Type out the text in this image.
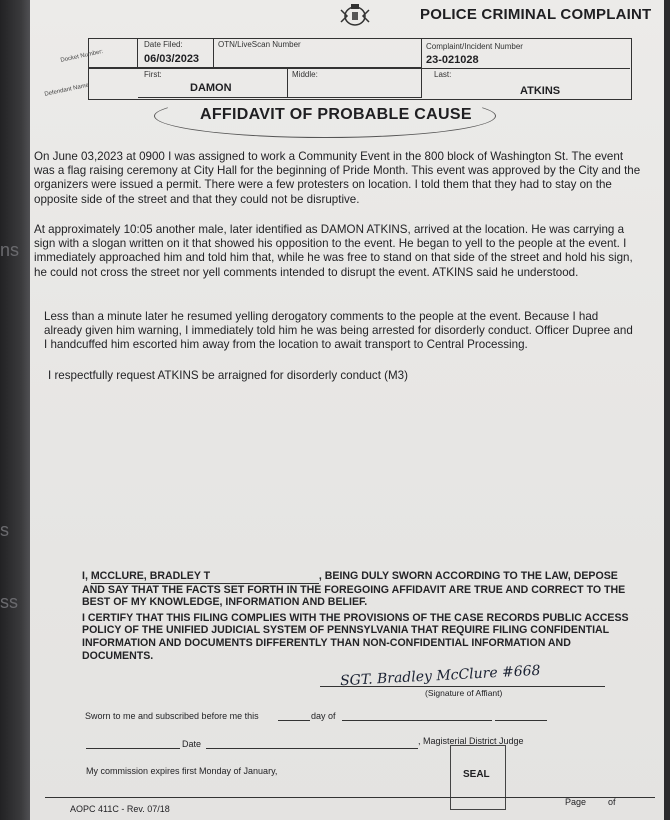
ns
s
ss
POLICE CRIMINAL COMPLAINT
Docket Number:
Date Filed:
06/03/2023
OTN/LiveScan Number	Complaint/Incident Number
23-021028
Defendant Name
First:
DAMON
Middle:	Last:
ATKINS
AFFIDAVIT OF PROBABLE CAUSE

On June 03,2023 at 0900 I was assigned to work a Community Event in the 800 block of Washington St. The event was a flag raising ceremony at City Hall for the beginning of Pride Month. This event was approved by the City and the organizers were issued a permit. There were a few protesters on location. I told them that they had to stay on the opposite side of the street and that they could not be disruptive.

At approximately 10:05 another male, later identified as DAMON ATKINS, arrived at the location. He was carrying a sign with a slogan written on it that showed his opposition to the event. He began to yell to the people at the event. I immediately approached him and told him that, while he was free to stand on that side of the street and hold his sign, he could not cross the street nor yell comments intended to disrupt the event. ATKINS said he understood.

Less than a minute later he resumed yelling derogatory comments to the people at the event. Because I had already given him warning, I immediately told him he was being arrested for disorderly conduct. Officer Dupree and I handcuffed him escorted him away from the location to await transport to Central Processing.

I respectfully request ATKINS be arraigned for disorderly conduct (M3)

I, MCCLURE, BRADLEY T	, BEING DULY SWORN ACCORDING TO THE LAW, DEPOSE AND SAY THAT THE FACTS SET FORTH IN THE FOREGOING AFFIDAVIT ARE TRUE AND CORRECT TO THE BEST OF MY KNOWLEDGE, INFORMATION AND BELIEF.
I CERTIFY THAT THIS FILING COMPLIES WITH THE PROVISIONS OF THE CASE RECORDS PUBLIC ACCESS POLICY OF THE UNIFIED JUDICIAL SYSTEM OF PENNSYLVANIA THAT REQUIRE FILING CONFIDENTIAL INFORMATION AND DOCUMENTS DIFFERENTLY THAN NON-CONFIDENTIAL INFORMATION AND DOCUMENTS.
SGT. Bradley McClure #668
(Signature of Affiant)
Sworn to me and subscribed before me this	day of
Date	, Magisterial District Judge
My commission expires first Monday of January,	SEAL
AOPC 411C - Rev. 07/18
Page of
